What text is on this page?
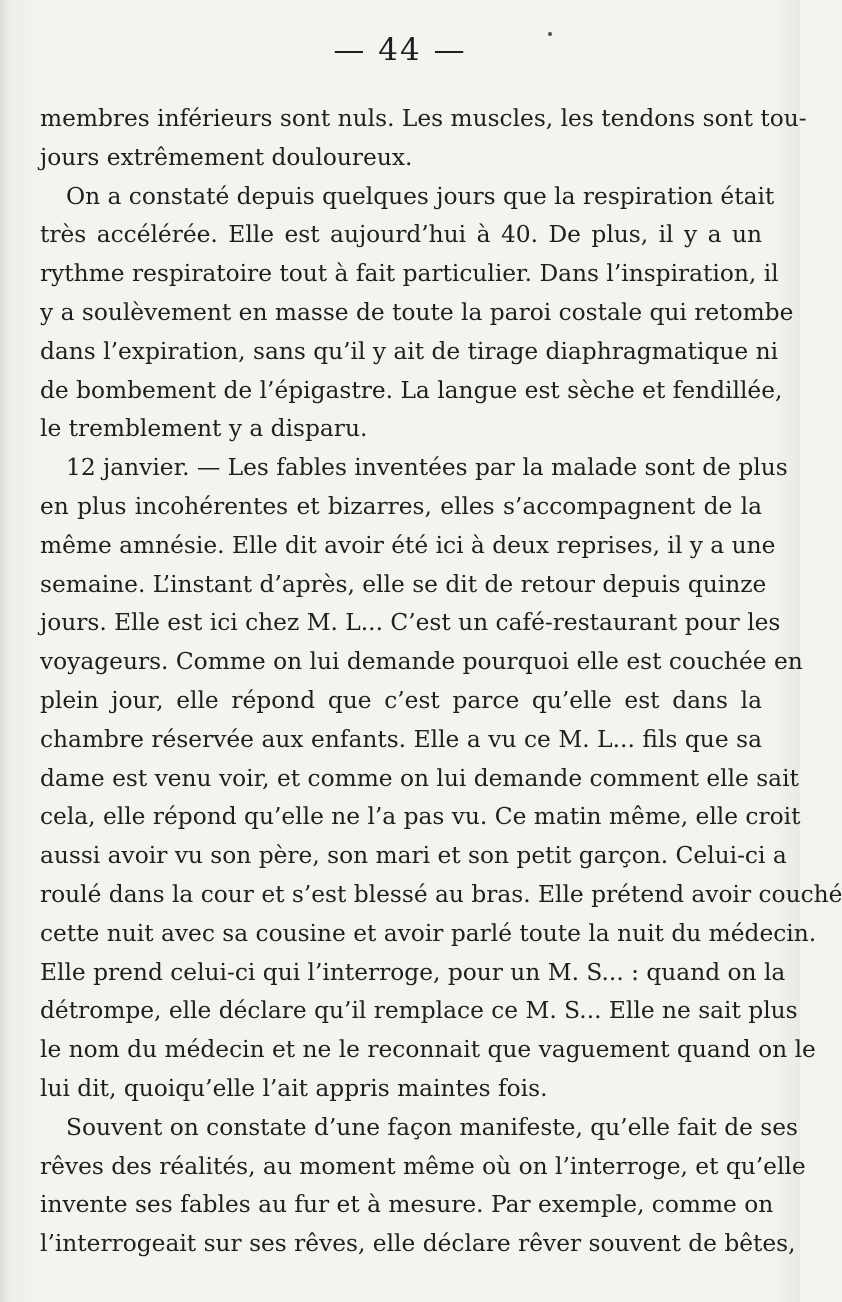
— 44 —
membres inférieurs sont nuls. Les muscles, les tendons sont tou-
jours extrêmement douloureux.
On a constaté depuis quelques jours que la respiration était
très accélérée. Elle est aujourd’hui à 40. De plus, il y a un
rythme respiratoire tout à fait particulier. Dans l’inspiration, il
y a soulèvement en masse de toute la paroi costale qui retombe
dans l’expiration, sans qu’il y ait de tirage diaphragmatique ni
de bombement de l’épigastre. La langue est sèche et fendillée,
le tremblement y a disparu.
12 janvier. — Les fables inventées par la malade sont de plus
en plus incohérentes et bizarres, elles s’accompagnent de la
même amnésie. Elle dit avoir été ici à deux reprises, il y a une
semaine. L’instant d’après, elle se dit de retour depuis quinze
jours. Elle est ici chez M. L... C’est un café-restaurant pour les
voyageurs. Comme on lui demande pourquoi elle est couchée en
plein jour, elle répond que c’est parce qu’elle est dans la
chambre réservée aux enfants. Elle a vu ce M. L... fils que sa
dame est venu voir, et comme on lui demande comment elle sait
cela, elle répond qu’elle ne l’a pas vu. Ce matin même, elle croit
aussi avoir vu son père, son mari et son petit garçon. Celui-ci a
roulé dans la cour et s’est blessé au bras. Elle prétend avoir couché
cette nuit avec sa cousine et avoir parlé toute la nuit du médecin.
Elle prend celui-ci qui l’interroge, pour un M. S... : quand on la
détrompe, elle déclare qu’il remplace ce M. S... Elle ne sait plus
le nom du médecin et ne le reconnait que vaguement quand on le
lui dit, quoiqu’elle l’ait appris maintes fois.
Souvent on constate d’une façon manifeste, qu’elle fait de ses
rêves des réalités, au moment même où on l’interroge, et qu’elle
invente ses fables au fur et à mesure. Par exemple, comme on
l’interrogeait sur ses rêves, elle déclare rêver souvent de bêtes,
